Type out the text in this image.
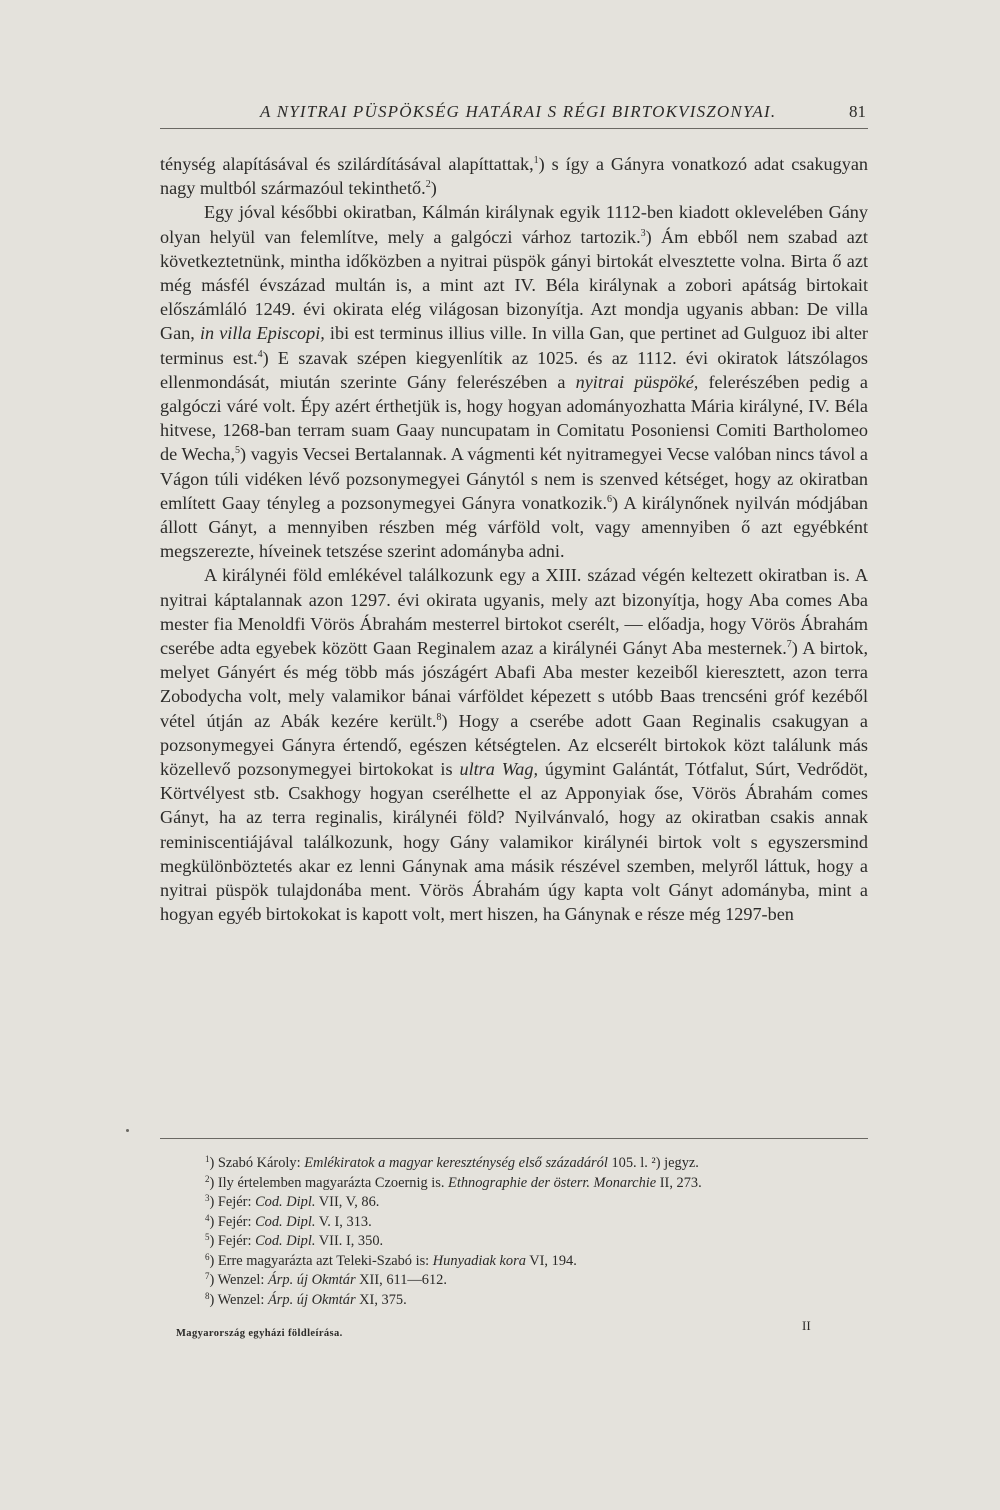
A NYITRAI PÜSPÖKSÉG HATÁRAI S RÉGI BIRTOKVISZONYAI.	81

ténység alapításával és szilárdításával alapíttattak,$^1$) s így a Gányra vonatkozó adat csakugyan nagy multból származóul tekinthető.$^2$)

Egy jóval későbbi okiratban, Kálmán királynak egyik 1112-ben kiadott oklevelében Gány olyan helyül van felemlítve, mely a galgóczi várhoz tartozik.$^3$) Ám ebből nem szabad azt következtetnünk, mintha időközben a nyitrai püspök gányi birtokát elvesztette volna. Birta ő azt még másfél évszázad multán is, a mint azt IV. Béla királynak a zobori apátság birtokait előszámláló 1249. évi okirata elég világosan bizonyítja. Azt mondja ugyanis abban: De villa Gan, in villa Episcopi, ibi est terminus illius ville. In villa Gan, que pertinet ad Gulguoz ibi alter terminus est.$^4$) E szavak szépen kiegyenlítik az 1025. és az 1112. évi okiratok látszólagos ellenmondását, miután szerinte Gány felerészében a nyitrai püspöké, felerészében pedig a galgóczi váré volt. Épy azért érthetjük is, hogy hogyan adományozhatta Mária királyné, IV. Béla hitvese, 1268-ban terram suam Gaay nuncupatam in Comitatu Posoniensi Comiti Bartholomeo de Wecha,$^5$) vagyis Vecsei Bertalannak. A vágmenti két nyitramegyei Vecse valóban nincs távol a Vágon túli vidéken lévő pozsonymegyei Gánytól s nem is szenved kétséget, hogy az okiratban említett Gaay tényleg a pozsonymegyei Gányra vonatkozik.$^6$) A királynőnek nyilván módjában állott Gányt, a mennyiben részben még várföld volt, vagy amennyiben ő azt egyébként megszerezte, híveinek tetszése szerint adományba adni.

A királynéi föld emlékével találkozunk egy a XIII. század végén keltezett okiratban is. A nyitrai káptalannak azon 1297. évi okirata ugyanis, mely azt bizonyítja, hogy Aba comes Aba mester fia Menoldfi Vörös Ábrahám mesterrel birtokot cserélt, — előadja, hogy Vörös Ábrahám cserébe adta egyebek között Gaan Reginalem azaz a királynéi Gányt Aba mesternek.$^7$) A birtok, melyet Gányért és még több más jószágért Abafi Aba mester kezeiből kieresztett, azon terra Zobodycha volt, mely valamikor bánai várföldet képezett s utóbb Baas trencséni gróf kezéből vétel útján az Abák kezére került.$^8$) Hogy a cserébe adott Gaan Reginalis csakugyan a pozsonymegyei Gányra értendő, egészen kétségtelen. Az elcserélt birtokok közt találunk más közellevő pozsonymegyei birtokokat is ultra Wag, úgymint Galántát, Tótfalut, Súrt, Vedrődöt, Körtvélyest stb. Csakhogy hogyan cserélhette el az Apponyiak őse, Vörös Ábrahám comes Gányt, ha az terra reginalis, királynéi föld? Nyilvánvaló, hogy az okiratban csakis annak reminiscentiájával találkozunk, hogy Gány valamikor királynéi birtok volt s egyszersmind megkülönböztetés akar ez lenni Gánynak ama másik részével szemben, melyről láttuk, hogy a nyitrai püspök tulajdonába ment. Vörös Ábrahám úgy kapta volt Gányt adományba, mint a hogyan egyéb birtokokat is kapott volt, mert hiszen, ha Gánynak e része még 1297-ben

$^1$) Szabó Károly: Emlékiratok a magyar kereszténység első századáról 105. l. ²) jegyz.
$^2$) Ily értelemben magyarázta Czoernig is. Ethnographie der österr. Monarchie II, 273.
$^3$) Fejér: Cod. Dipl. VII, V, 86.
$^4$) Fejér: Cod. Dipl. V. I, 313.
$^5$) Fejér: Cod. Dipl. VII. I, 350.
$^6$) Erre magyarázta azt Teleki-Szabó is: Hunyadiak kora VI, 194.
$^7$) Wenzel: Árp. új Okmtár XII, 611—612.
$^8$) Wenzel: Árp. új Okmtár XI, 375.
Magyarország egyházi földleírása.
II
